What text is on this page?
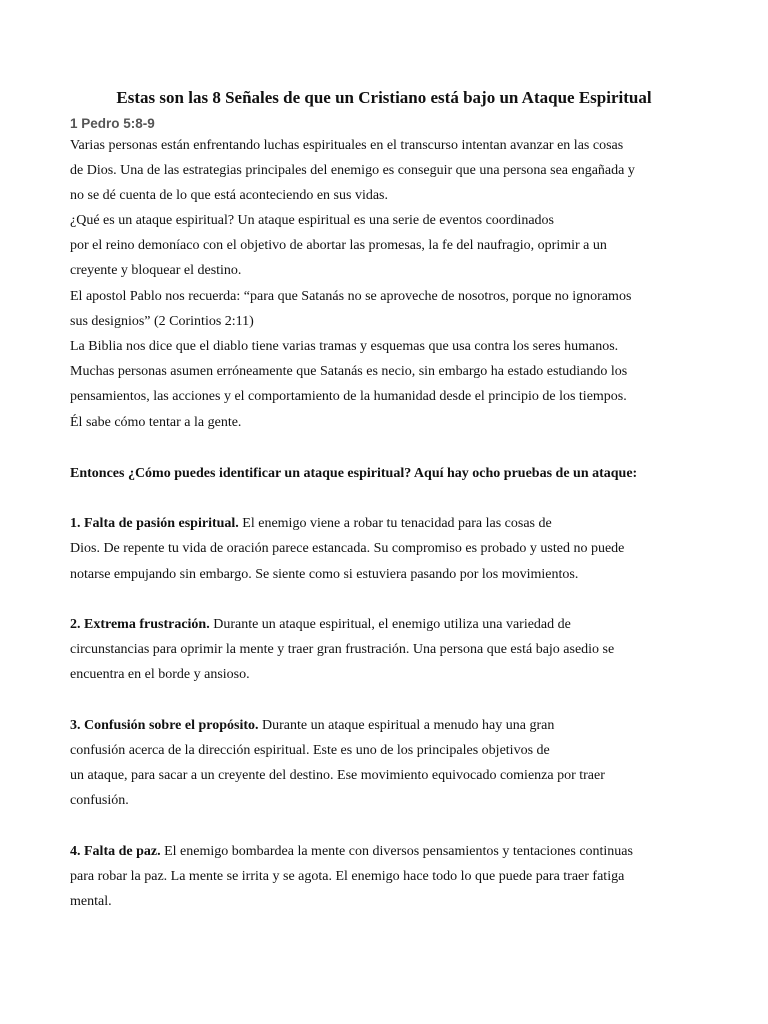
Estas son las 8 Señales de que un Cristiano está bajo un Ataque Espiritual

1 Pedro 5:8-9

Varias personas están enfrentando luchas espirituales en el transcurso intentan avanzar en las cosas

de Dios. Una de las estrategias principales del enemigo es conseguir que una persona sea engañada y

no se dé cuenta de lo que está aconteciendo en sus vidas.

¿Qué es un ataque espiritual? Un ataque espiritual es una serie de eventos coordinados

por el reino demoníaco con el objetivo de abortar las promesas, la fe del naufragio, oprimir a un

creyente y bloquear el destino.

El apostol Pablo nos recuerda: “para que Satanás no se aproveche de nosotros, porque no ignoramos

sus designios” (2 Corintios 2:11)

La Biblia nos dice que el diablo tiene varias tramas y esquemas que usa contra los seres humanos.

Muchas personas asumen erróneamente que Satanás es necio, sin embargo ha estado estudiando los

pensamientos, las acciones y el comportamiento de la humanidad desde el principio de los tiempos.

Él sabe cómo tentar a la gente.

Entonces ¿Cómo puedes identificar un ataque espiritual? Aquí hay ocho pruebas de un ataque:

1. Falta de pasión espiritual. El enemigo viene a robar tu tenacidad para las cosas de

Dios. De repente tu vida de oración parece estancada. Su compromiso es probado y usted no puede

notarse empujando sin embargo. Se siente como si estuviera pasando por los movimientos.

2. Extrema frustración. Durante un ataque espiritual, el enemigo utiliza una variedad de

circunstancias para oprimir la mente y traer gran frustración. Una persona que está bajo asedio se

encuentra en el borde y ansioso.

3. Confusión sobre el propósito. Durante un ataque espiritual a menudo hay una gran

confusión acerca de la dirección espiritual. Este es uno de los principales objetivos de

un ataque, para sacar a un creyente del destino. Ese movimiento equivocado comienza por traer

confusión.

4. Falta de paz. El enemigo bombardea la mente con diversos pensamientos y tentaciones continuas

para robar la paz. La mente se irrita y se agota. El enemigo hace todo lo que puede para traer fatiga

mental.
